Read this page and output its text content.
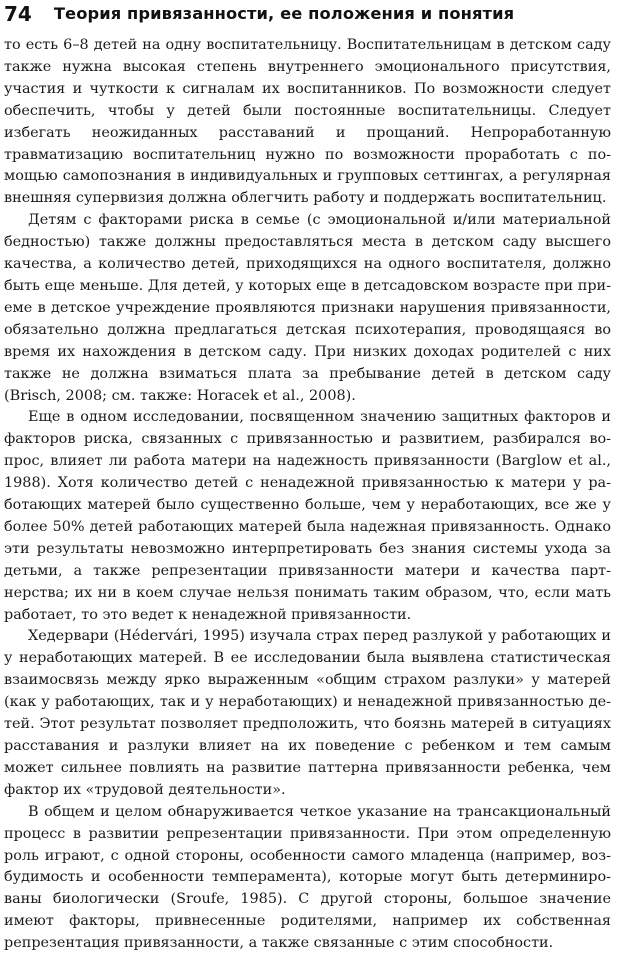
74 Теория привязанности, ее положения и понятия

то есть 6–8 детей на одну воспитательницу. Воспитательницам в детском саду также нужна высокая степень внутреннего эмоционального присутствия, участия и чуткости к сигналам их воспитанников. По возможности следует обеспечить, чтобы у детей были постоянные воспитательницы. Следует избегать неожиданных расставаний и прощаний. Непроработанную травматизацию воспитательниц нужно по возможности проработать с помощью самопознания в индивидуальных и групповых сеттингах, а регулярная внешняя супервизия должна облегчить работу и поддержать воспитательниц.

Детям с факторами риска в семье (с эмоциональной и/или материальной бедностью) также должны предоставляться места в детском саду высшего качества, а количество детей, приходящихся на одного воспитателя, должно быть еще меньше. Для детей, у которых еще в детсадовском возрасте при приеме в детское учреждение проявляются признаки нарушения привязанности, обязательно должна предлагаться детская психотерапия, проводящаяся во время их нахождения в детском саду. При низких доходах родителей с них также не должна взиматься плата за пребывание детей в детском саду (Brisch, 2008; см. также: Horacek et al., 2008).

Еще в одном исследовании, посвященном значению защитных факторов и факторов риска, связанных с привязанностью и развитием, разбирался вопрос, влияет ли работа матери на надежность привязанности (Barglow et al., 1988). Хотя количество детей с ненадежной привязанностью к матери у работающих матерей было существенно больше, чем у неработающих, все же у более 50% детей работающих матерей была надежная привязанность. Однако эти результаты невозможно интерпретировать без знания системы ухода за детьми, а также репрезентации привязанности матери и качества партнерства; их ни в коем случае нельзя понимать таким образом, что, если мать работает, то это ведет к ненадежной привязанности.

Хедервари (Hédervári, 1995) изучала страх перед разлукой у работающих и у неработающих матерей. В ее исследовании была выявлена статистическая взаимосвязь между ярко выраженным «общим страхом разлуки» у матерей (как у работающих, так и у неработающих) и ненадежной привязанностью детей. Этот результат позволяет предположить, что боязнь матерей в ситуациях расставания и разлуки влияет на их поведение с ребенком и тем самым может сильнее повлиять на развитие паттерна привязанности ребенка, чем фактор их «трудовой деятельности».

В общем и целом обнаруживается четкое указание на трансакциональный процесс в развитии репрезентации привязанности. При этом определенную роль играют, с одной стороны, особенности самого младенца (например, возбудимость и особенности темперамента), которые могут быть детерминированы биологически (Sroufe, 1985). С другой стороны, большое значение имеют факторы, привнесенные родителями, например их собственная репрезентация привязанности, а также связанные с этим способности.
